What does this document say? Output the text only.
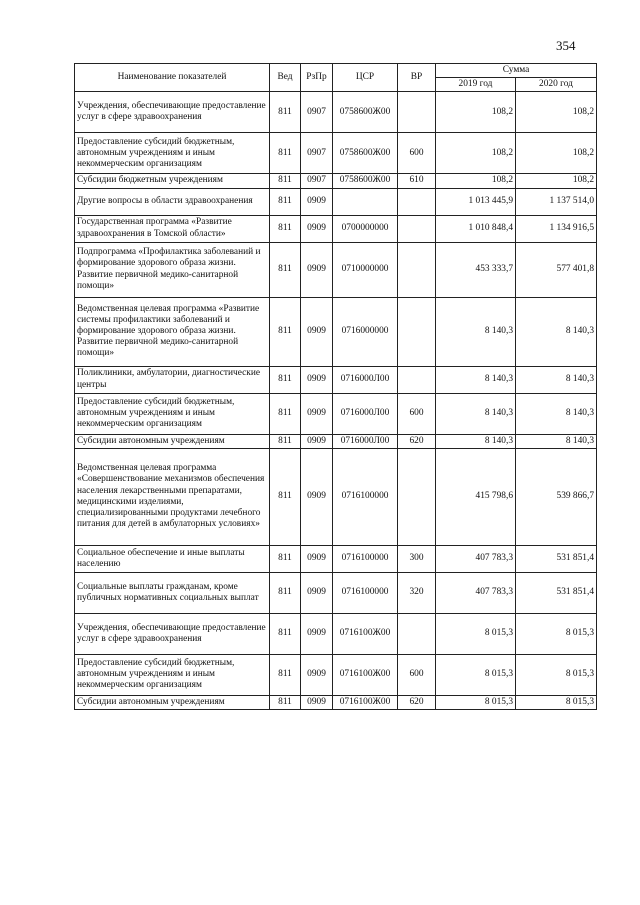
354
Наименование показателей	Вед	РзПр	ЦСР	ВР	Сумма	
					2019 год	2020 год
Учреждения, обеспечивающие предоставление услуг в сфере здравоохранения	811	0907	0758600Ж00		108,2	108,2
Предоставление субсидий бюджетным, автономным учреждениям и иным некоммерческим организациям	811	0907	0758600Ж00	600	108,2	108,2
Субсидии бюджетным учреждениям	811	0907	0758600Ж00	610	108,2	108,2
Другие вопросы в области здравоохранения	811	0909			1 013 445,9	1 137 514,0
Государственная программа «Развитие здравоохранения в Томской области»	811	0909	0700000000		1 010 848,4	1 134 916,5
Подпрограмма «Профилактика заболеваний и формирование здорового образа жизни. Развитие первичной медико-санитарной помощи»	811	0909	0710000000		453 333,7	577 401,8
Ведомственная целевая программа «Развитие системы профилактики заболеваний и формирование здорового образа жизни. Развитие первичной медико-санитарной помощи»	811	0909	0716000000		8 140,3	8 140,3
Поликлиники, амбулатории, диагностические центры	811	0909	0716000Л00		8 140,3	8 140,3
Предоставление субсидий бюджетным, автономным учреждениям и иным некоммерческим организациям	811	0909	0716000Л00	600	8 140,3	8 140,3
Субсидии автономным учреждениям	811	0909	0716000Л00	620	8 140,3	8 140,3
Ведомственная целевая программа «Совершенствование механизмов обеспечения населения лекарственными препаратами, медицинскими изделиями, специализированными продуктами лечебного питания для детей в амбулаторных условиях»	811	0909	0716100000		415 798,6	539 866,7
Социальное обеспечение и иные выплаты населению	811	0909	0716100000	300	407 783,3	531 851,4
Социальные выплаты гражданам, кроме публичных нормативных социальных выплат	811	0909	0716100000	320	407 783,3	531 851,4
Учреждения, обеспечивающие предоставление услуг в сфере здравоохранения	811	0909	0716100Ж00		8 015,3	8 015,3
Предоставление субсидий бюджетным, автономным учреждениям и иным некоммерческим организациям	811	0909	0716100Ж00	600	8 015,3	8 015,3
Субсидии автономным учреждениям	811	0909	0716100Ж00	620	8 015,3	8 015,3
